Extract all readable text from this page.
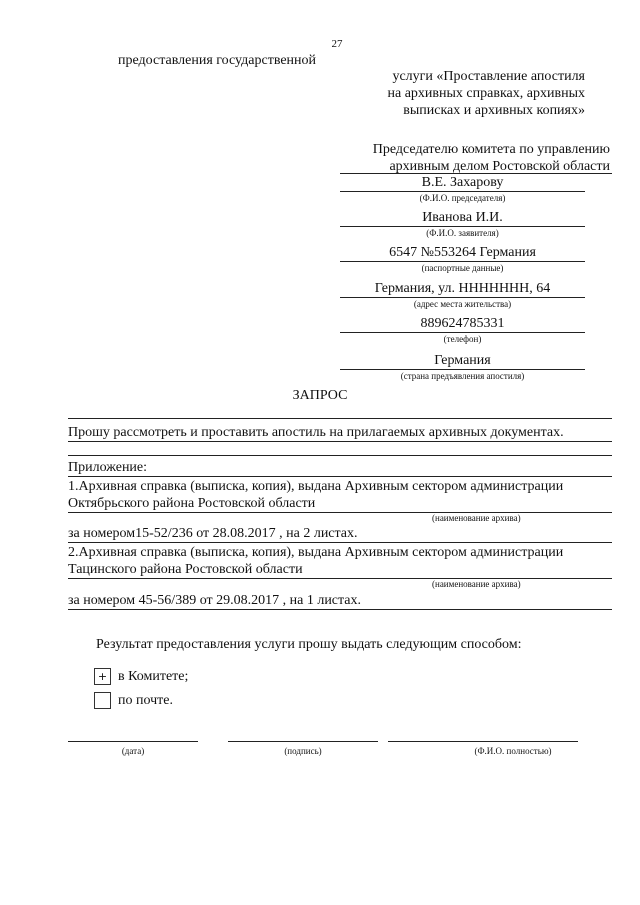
27
предоставления государственной
услуги «Проставление апостиля
на архивных справках, архивных
выписках и архивных копиях»
Председателю комитета по управлению
архивным делом Ростовской области
В.Е. Захарову
(Ф.И.О. председателя)
Иванова И.И.
(Ф.И.О. заявителя)
6547 №553264 Германия
(паспортные данные)
Германия, ул. ННННННН, 64
(адрес места жительства)
889624785331
(телефон)
Германия
(страна предъявления апостиля)
ЗАПРОС
Прошу рассмотреть и проставить апостиль на прилагаемых архивных документах.
Приложение:
1.Архивная справка (выписка, копия), выдана Архивным сектором администрации
Октябрьского района Ростовской области
(наименование архива)
за номером15-52/236 от 28.08.2017 , на 2 листах.
2.Архивная справка (выписка, копия), выдана Архивным сектором администрации
Тацинского района Ростовской области
(наименование архива)
за номером 45-56/389 от 29.08.2017 , на 1 листах.
Результат предоставления услуги прошу выдать следующим способом:
+ в Комитете;
по почте.
(дата)	(подпись)	(Ф.И.О. полностью)
